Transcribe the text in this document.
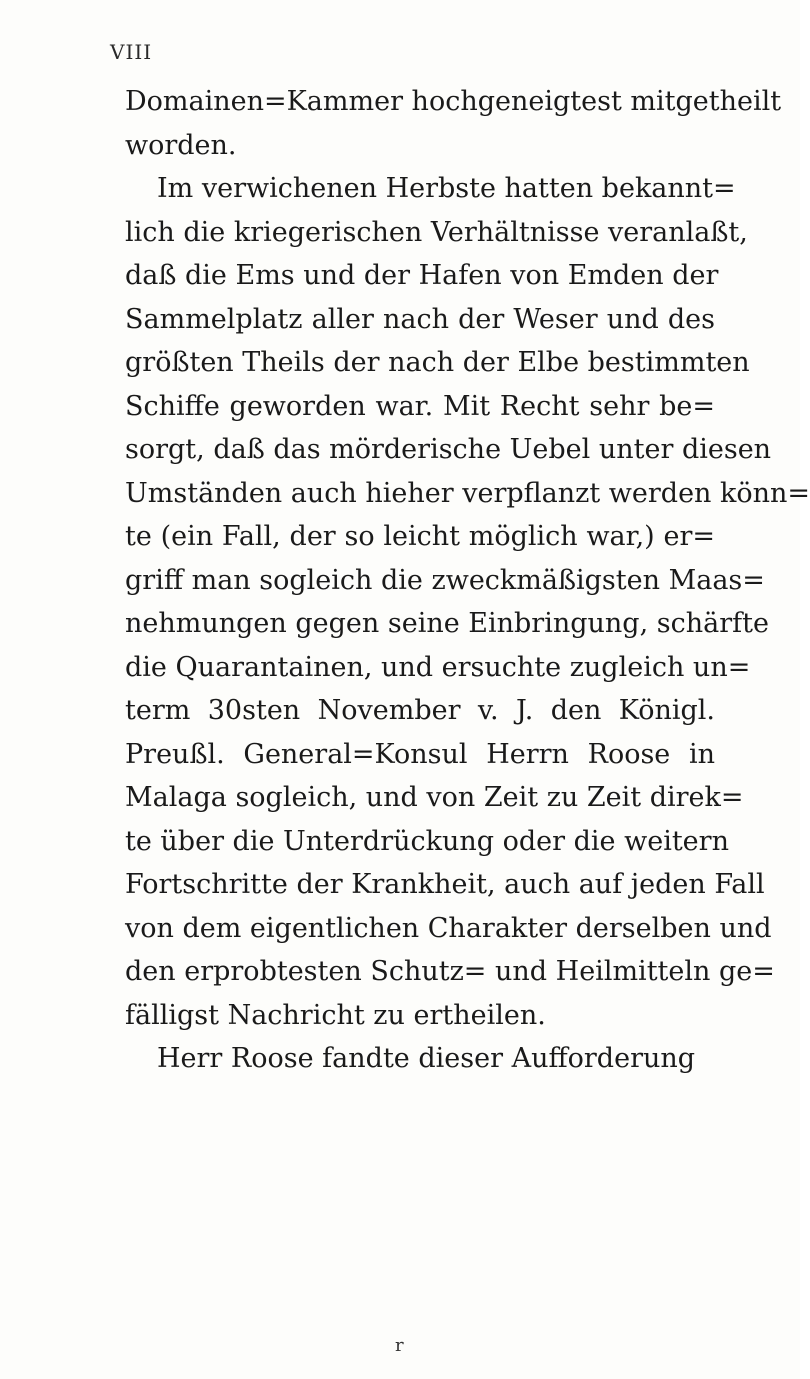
VIII
Domainen=Kammer hochgeneigtest mitgetheilt
worden.
Im verwichenen Herbste hatten bekannt=
lich die kriegerischen Verhältnisse veranlaßt,
daß die Ems und der Hafen von Emden der
Sammelplatz aller nach der Weser und des
größten Theils der nach der Elbe bestimmten
Schiffe geworden war. Mit Recht sehr be=
sorgt, daß das mörderische Uebel unter diesen
Umständen auch hieher verpflanzt werden könn=
te (ein Fall, der so leicht möglich war,) er=
griff man sogleich die zweckmäßigsten Maas=
nehmungen gegen seine Einbringung, schärfte
die Quarantainen, und ersuchte zugleich un=
term 30sten November v. J. den Königl.
Preußl. General=Konsul Herrn Roose in
Malaga sogleich, und von Zeit zu Zeit direk=
te über die Unterdrückung oder die weitern
Fortschritte der Krankheit, auch auf jeden Fall
von dem eigentlichen Charakter derselben und
den erprobtesten Schutz= und Heilmitteln ge=
fälligst Nachricht zu ertheilen.
Herr Roose fandte dieser Aufforderung
r
